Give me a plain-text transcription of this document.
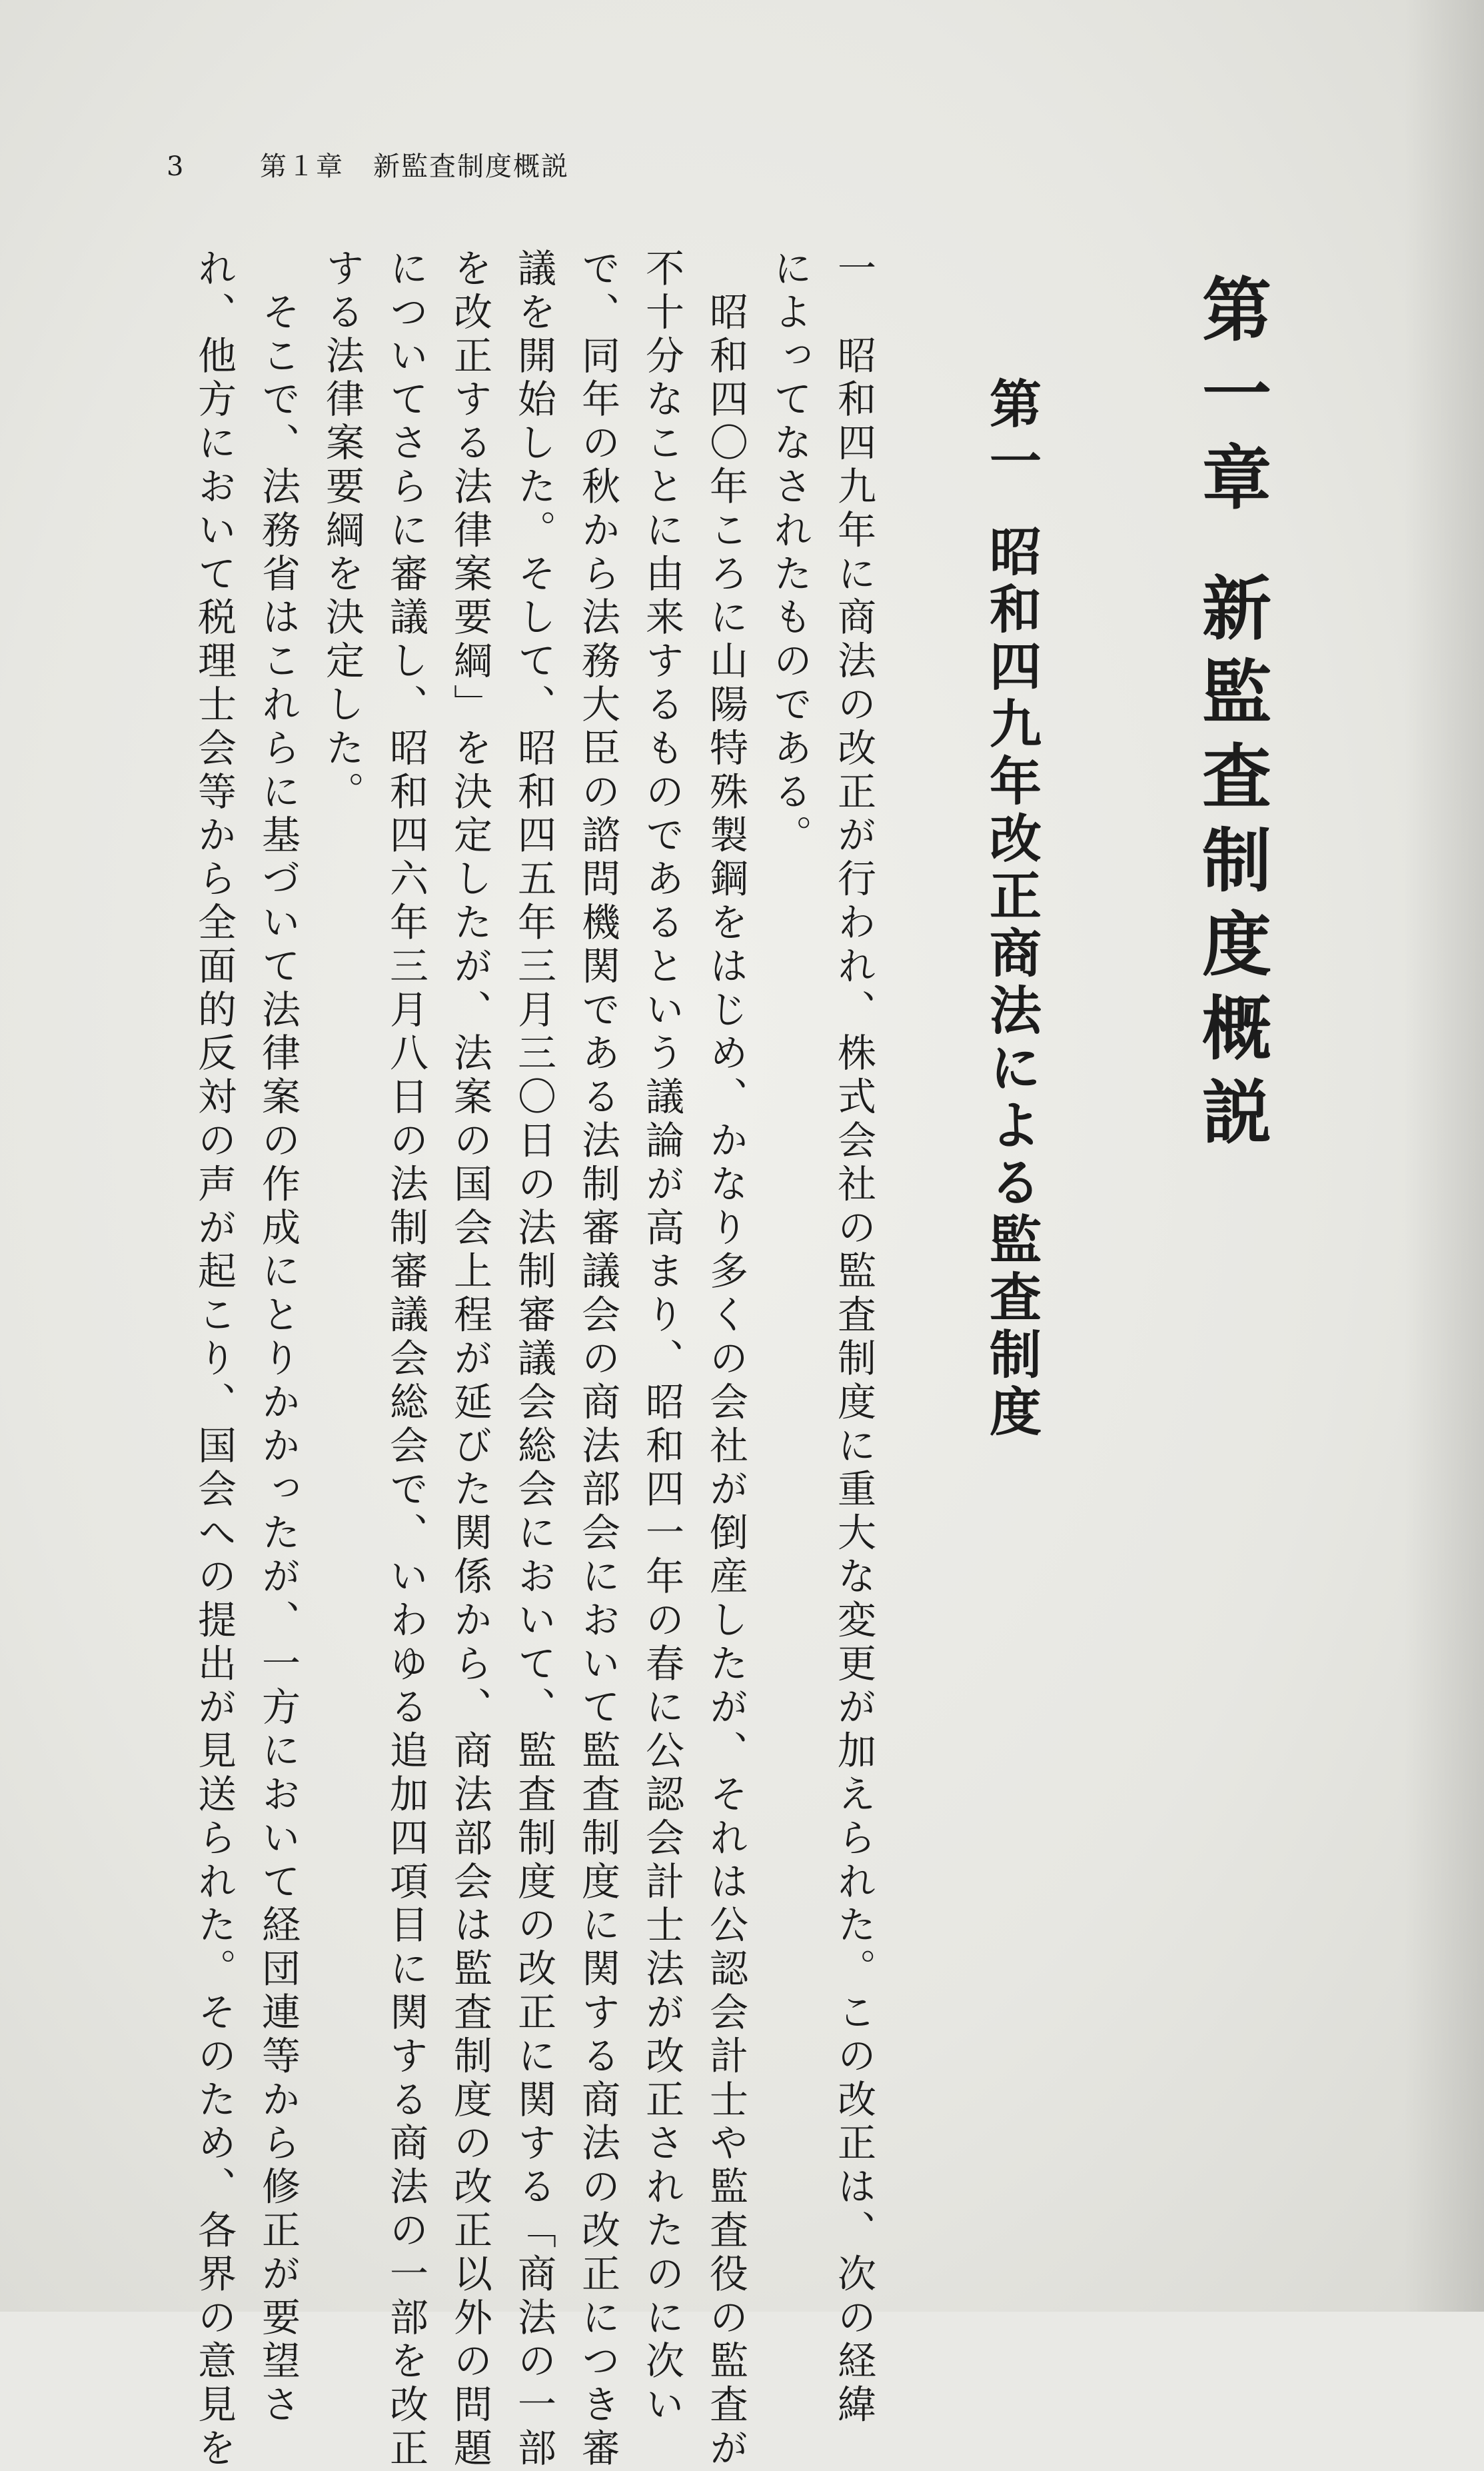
3	第１章 新監査制度概説
第一章新監査制度概説
第一昭和四九年改正商法による監査制度
一　昭和四九年に商法の改正が行われ、株式会社の監査制度に重大な変更が加えられた。この改正は、次の経緯
によってなされたものである。
　昭和四〇年ころに山陽特殊製鋼をはじめ、かなり多くの会社が倒産したが、それは公認会計士や監査役の監査が
不十分なことに由来するものであるという議論が高まり、昭和四一年の春に公認会計士法が改正されたのに次い
で、同年の秋から法務大臣の諮問機関である法制審議会の商法部会において監査制度に関する商法の改正につき審
議を開始した。そして、昭和四五年三月三〇日の法制審議会総会において、監査制度の改正に関する「商法の一部
を改正する法律案要綱」を決定したが、法案の国会上程が延びた関係から、商法部会は監査制度の改正以外の問題
についてさらに審議し、昭和四六年三月八日の法制審議会総会で、いわゆる追加四項目に関する商法の一部を改正
する法律案要綱を決定した。
　そこで、法務省はこれらに基づいて法律案の作成にとりかかったが、一方において経団連等から修正が要望さ
れ、他方において税理士会等から全面的反対の声が起こり、国会への提出が見送られた。そのため、各界の意見を
